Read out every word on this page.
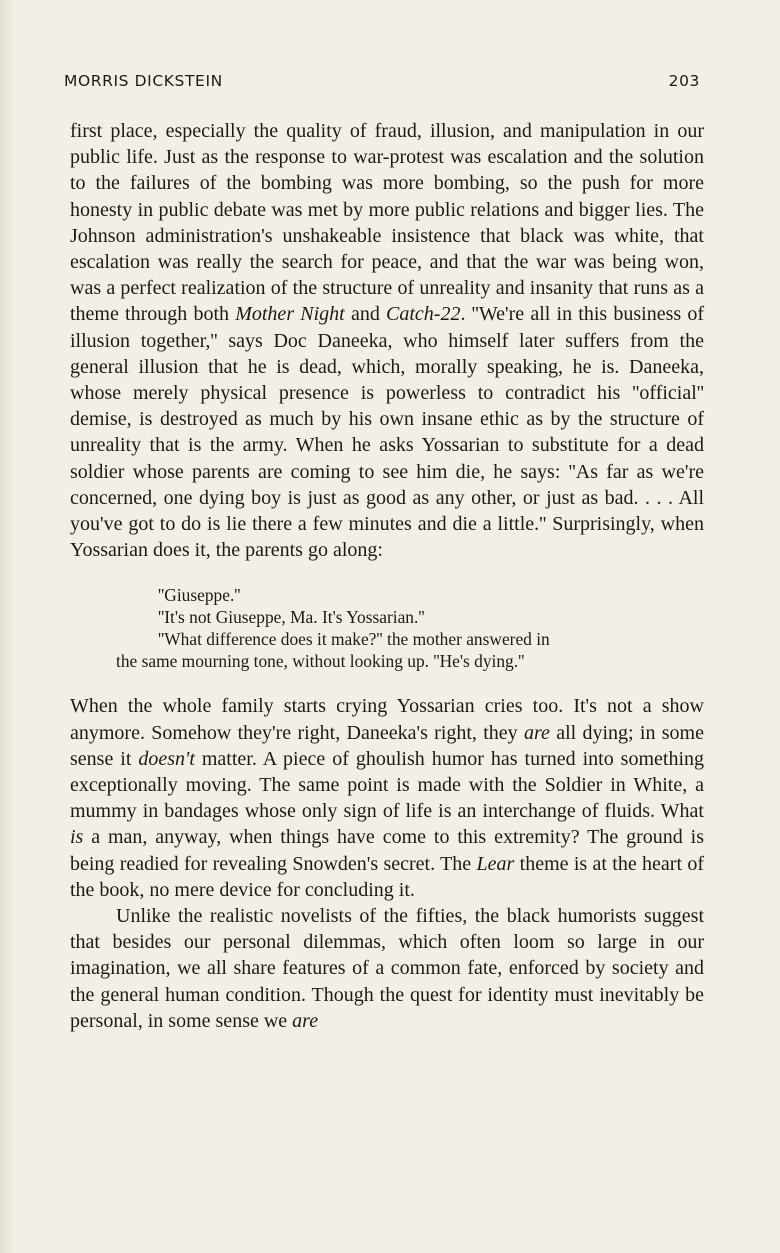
MORRIS DICKSTEIN	203

first place, especially the quality of fraud, illusion, and manipulation in our public life. Just as the response to war-protest was escalation and the solution to the failures of the bombing was more bombing, so the push for more honesty in public debate was met by more public relations and bigger lies. The Johnson administration's unshakeable insistence that black was white, that escalation was really the search for peace, and that the war was being won, was a perfect realization of the structure of unreality and insanity that runs as a theme through both Mother Night and Catch-22. ''We're all in this business of illusion together,'' says Doc Daneeka, who himself later suffers from the general illusion that he is dead, which, morally speaking, he is. Daneeka, whose merely physical presence is powerless to contradict his ''official'' demise, is destroyed as much by his own insane ethic as by the structure of unreality that is the army. When he asks Yossarian to substitute for a dead soldier whose parents are coming to see him die, he says: ''As far as we're concerned, one dying boy is just as good as any other, or just as bad. . . . All you've got to do is lie there a few minutes and die a little.'' Surprisingly, when Yossarian does it, the parents go along:

''Giuseppe.''
''It's not Giuseppe, Ma. It's Yossarian.''
''What difference does it make?'' the mother answered in
the same mourning tone, without looking up. ''He's dying.''

When the whole family starts crying Yossarian cries too. It's not a show anymore. Somehow they're right, Daneeka's right, they are all dying; in some sense it doesn't matter. A piece of ghoulish humor has turned into something exceptionally moving. The same point is made with the Soldier in White, a mummy in bandages whose only sign of life is an interchange of fluids. What is a man, anyway, when things have come to this extremity? The ground is being readied for revealing Snowden's secret. The Lear theme is at the heart of the book, no mere device for concluding it.

Unlike the realistic novelists of the fifties, the black humorists suggest that besides our personal dilemmas, which often loom so large in our imagination, we all share features of a common fate, enforced by society and the general human condition. Though the quest for identity must inevitably be personal, in some sense we are
